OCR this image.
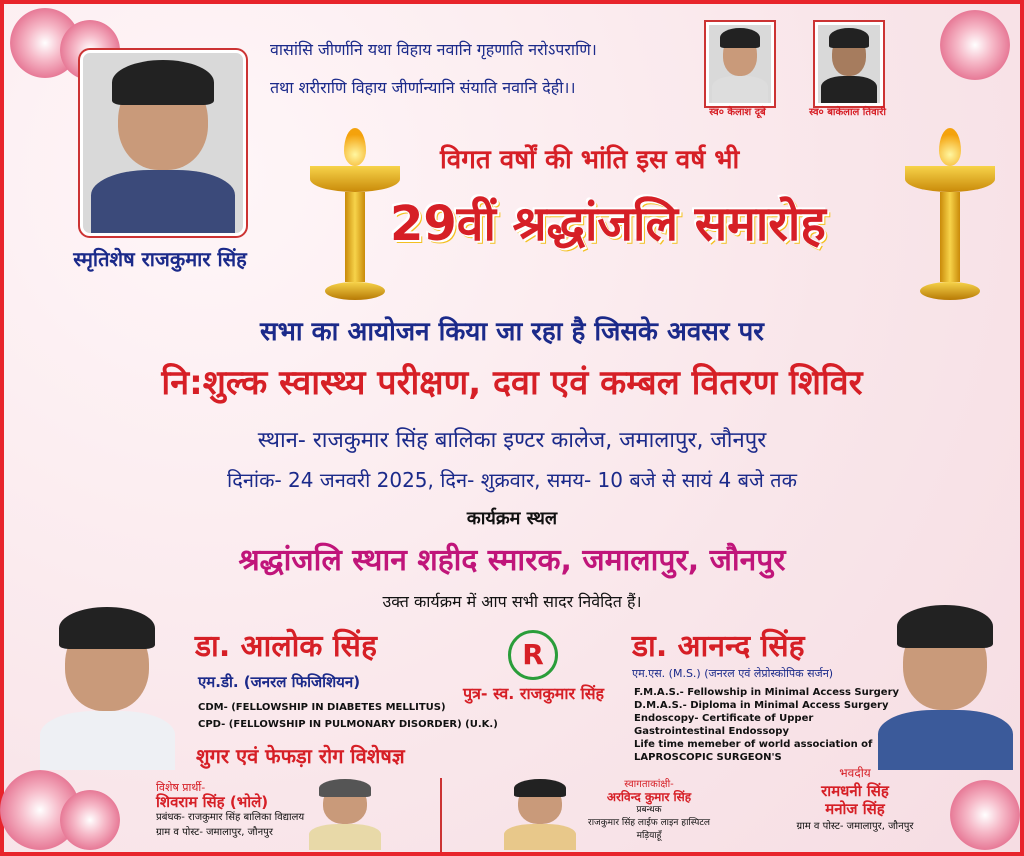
स्मृतिशेष राजकुमार सिंह
वासांसि जीर्णानि यथा विहाय नवानि गृहणाति नरोऽपराणि।
तथा शरीराणि विहाय जीर्णान्यानि संयाति नवानि देही।।
स्व० कैलाश दूबे	स्व० बाकेलाल तिवारी
विगत वर्षों की भांति इस वर्ष भी
29वीं श्रद्धांजलि समारोह
सभा का आयोजन किया जा रहा है जिसके अवसर पर
नि:शुल्क स्वास्थ्य परीक्षण, दवा एवं कम्बल वितरण शिविर
स्थान- राजकुमार सिंह बालिका इण्टर कालेज, जमालापुर, जौनपुर
दिनांक- 24 जनवरी 2025, दिन- शुक्रवार, समय- 10 बजे से सायं 4 बजे तक
कार्यक्रम स्थल
श्रद्धांजलि स्थान शहीद स्मारक, जमालापुर, जौनपुर
उक्त कार्यक्रम में आप सभी सादर निवेदित हैं।
डा. आलोक सिंह
एम.डी. (जनरल फिजिशियन)
CDM- (FELLOWSHIP IN DIABETES MELLITUS)
CPD- (FELLOWSHIP IN PULMONARY DISORDER) (U.K.)
शुगर एवं फेफड़ा रोग विशेषज्ञ
R
पुत्र- स्व. राजकुमार सिंह
डा. आनन्द सिंह
एम.एस. (M.S.) (जनरल एवं लेप्रोस्कोपिक सर्जन)
F.M.A.S.- Fellowship in Minimal Access Surgery
D.M.A.S.- Diploma in Minimal Access Surgery
Endoscopy- Certificate of Upper
Gastrointestinal Endossopy
Life time memeber of world association of
LAPROSCOPIC SURGEON'S
विशेष प्रार्थी-
शिवराम सिंह (भोले)
प्रबंधक- राजकुमार सिंह बालिका विद्यालय
ग्राम व पोस्ट- जमालापुर, जौनपुर
स्वागताकांक्षी-
अरविन्द कुमार सिंह
प्रबन्धक
राजकुमार सिंह लाईफ लाइन हास्पिटल
मड़ियाहूँ
भवदीय
रामधनी सिंह
मनोज सिंह
ग्राम व पोस्ट- जमालापुर, जौनपुर
